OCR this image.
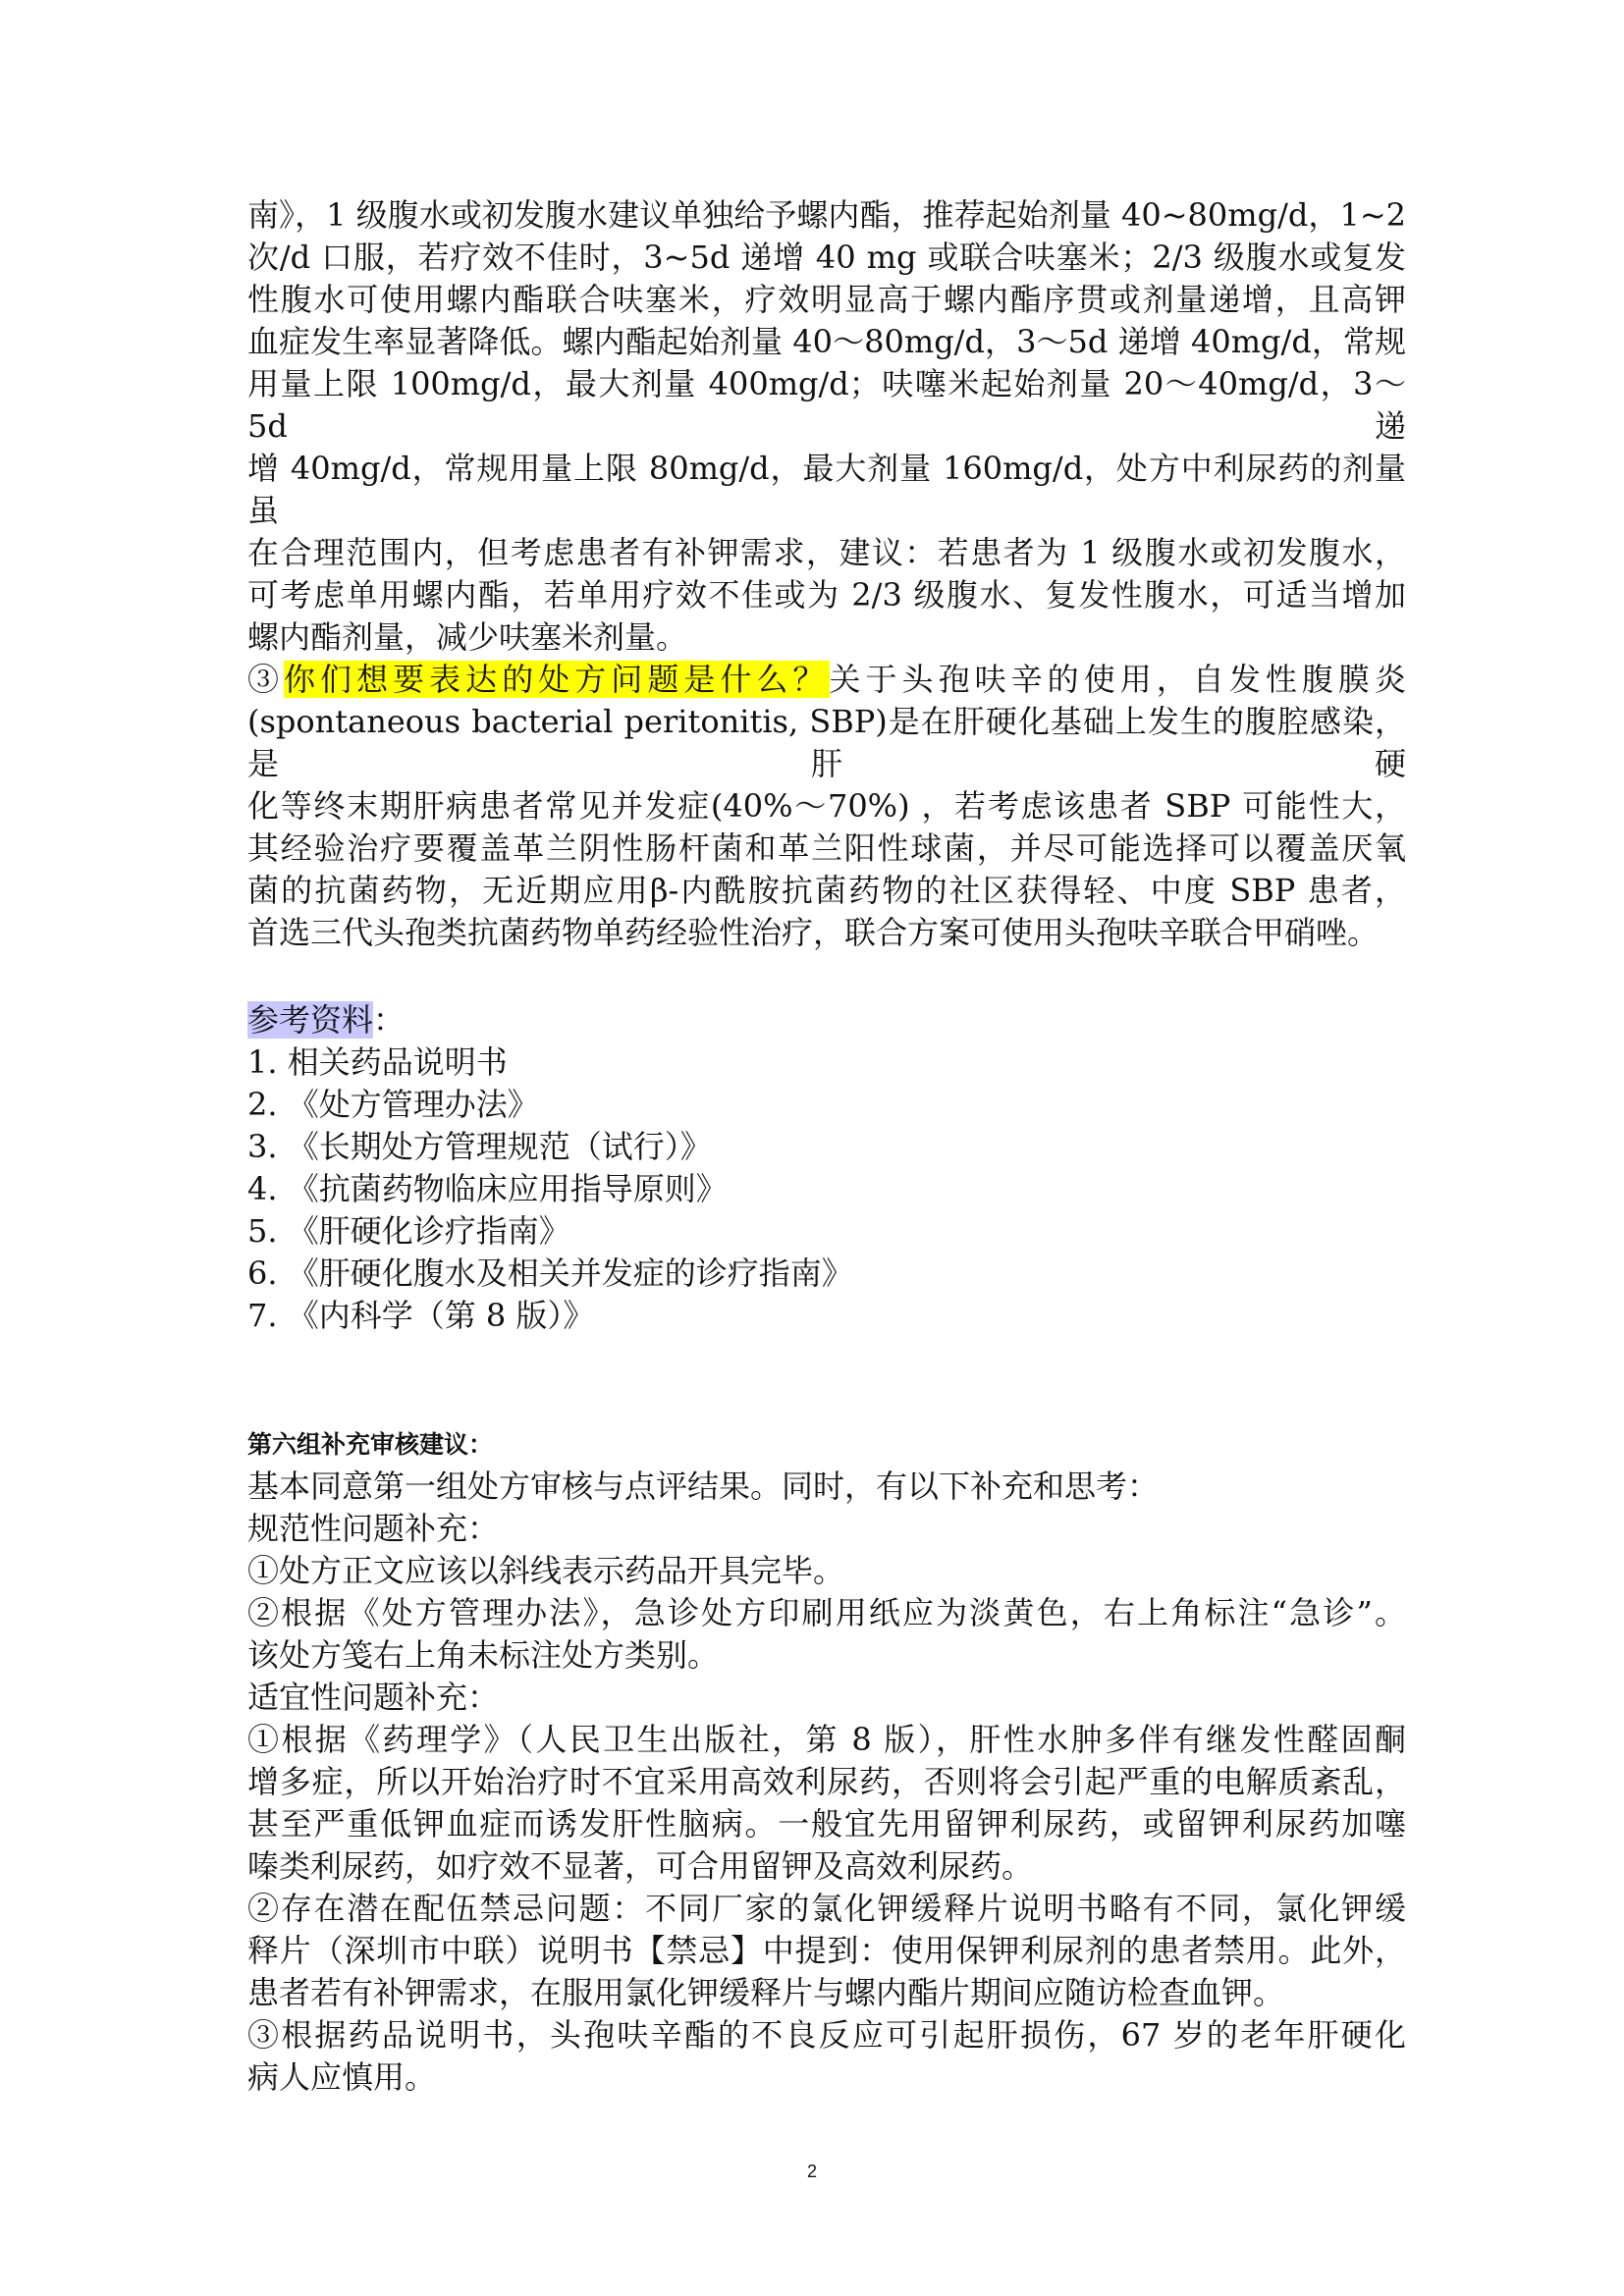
南》，1 级腹水或初发腹水建议单独给予螺内酯，推荐起始剂量 40~80mg/d，1~2

次/d 口服，若疗效不佳时，3~5d 递增 40 mg 或联合呋塞米；2/3 级腹水或复发

性腹水可使用螺内酯联合呋塞米，疗效明显高于螺内酯序贯或剂量递增，且高钾

血症发生率显著降低。螺内酯起始剂量 40～80mg/d，3～5d 递增 40mg/d，常规

用量上限 100mg/d，最大剂量 400mg/d；呋噻米起始剂量 20～40mg/d，3～5d 递

增 40mg/d，常规用量上限 80mg/d，最大剂量 160mg/d，处方中利尿药的剂量虽

在合理范围内，但考虑患者有补钾需求，建议：若患者为 1 级腹水或初发腹水，

可考虑单用螺内酯，若单用疗效不佳或为 2/3 级腹水、复发性腹水，可适当增加

螺内酯剂量，减少呋塞米剂量。

③你们想要表达的处方问题是什么？关于头孢呋辛的使用，自发性腹膜炎

(spontaneous bacterial peritonitis, SBP)是在肝硬化基础上发生的腹腔感染，是肝硬

化等终末期肝病患者常见并发症(40%～70%) ，若考虑该患者 SBP 可能性大，

其经验治疗要覆盖革兰阴性肠杆菌和革兰阳性球菌，并尽可能选择可以覆盖厌氧

菌的抗菌药物，无近期应用β-内酰胺抗菌药物的社区获得轻、中度 SBP 患者，

首选三代头孢类抗菌药物单药经验性治疗，联合方案可使用头孢呋辛联合甲硝唑。

参考资料：

1. 相关药品说明书

2. 《处方管理办法》

3. 《长期处方管理规范（试行）》

4. 《抗菌药物临床应用指导原则》

5. 《肝硬化诊疗指南》

6. 《肝硬化腹水及相关并发症的诊疗指南》

7. 《内科学（第 8 版）》

第六组补充审核建议：

基本同意第一组处方审核与点评结果。同时，有以下补充和思考：

规范性问题补充：

①处方正文应该以斜线表示药品开具完毕。

②根据《处方管理办法》，急诊处方印刷用纸应为淡黄色，右上角标注“急诊”。

该处方笺右上角未标注处方类别。

适宜性问题补充：

①根据《药理学》（人民卫生出版社，第 8 版），肝性水肿多伴有继发性醛固酮

增多症，所以开始治疗时不宜采用高效利尿药，否则将会引起严重的电解质紊乱，

甚至严重低钾血症而诱发肝性脑病。一般宜先用留钾利尿药，或留钾利尿药加噻

嗪类利尿药，如疗效不显著，可合用留钾及高效利尿药。

②存在潜在配伍禁忌问题：不同厂家的氯化钾缓释片说明书略有不同，氯化钾缓

释片（深圳市中联）说明书【禁忌】中提到：使用保钾利尿剂的患者禁用。此外，

患者若有补钾需求，在服用氯化钾缓释片与螺内酯片期间应随访检查血钾。

③根据药品说明书，头孢呋辛酯的不良反应可引起肝损伤，67 岁的老年肝硬化

病人应慎用。

2
